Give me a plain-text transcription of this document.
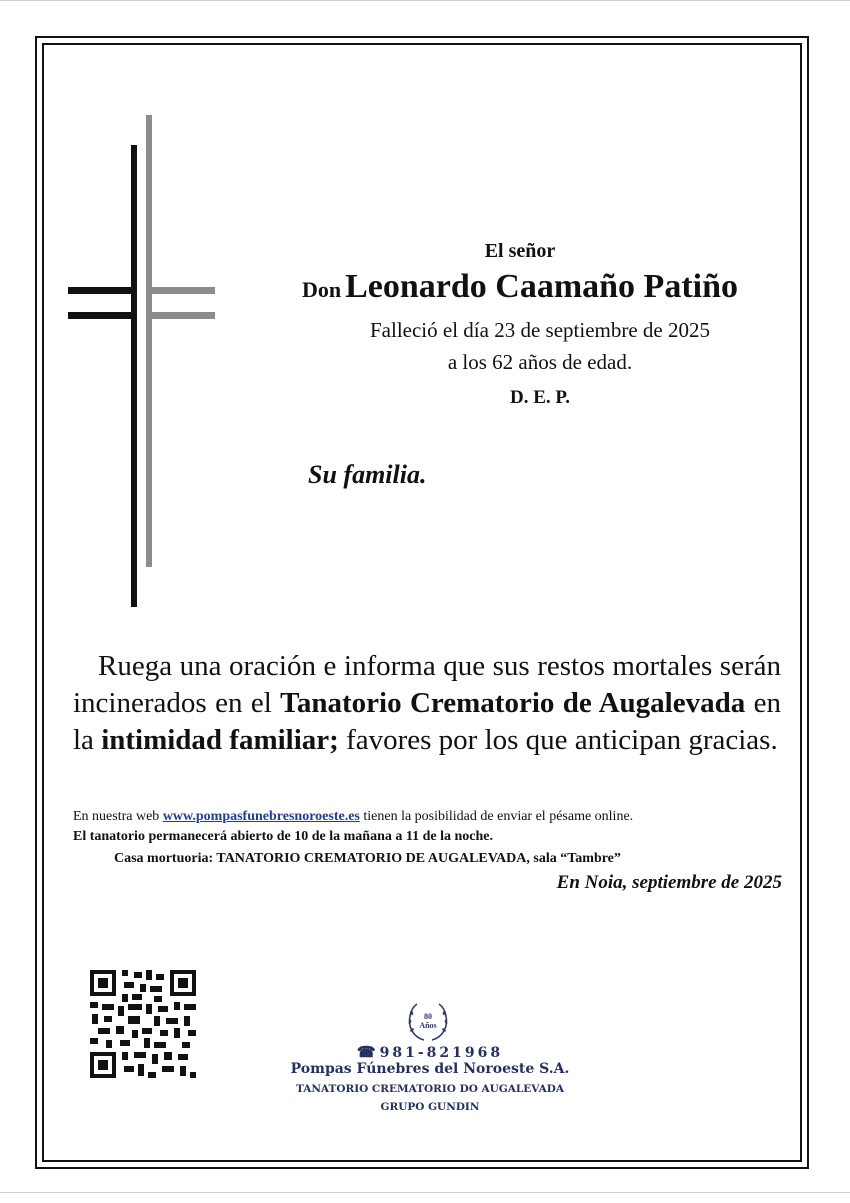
El señor
Don Leonardo Caamaño Patiño
Falleció el día 23 de septiembre de 2025
a los 62 años de edad.
D. E. P.
Su familia.
Ruega una oración e informa que sus restos mortales serán incinerados en el Tanatorio Crematorio de Augalevada en la intimidad familiar; favores por los que anticipan gracias.
En nuestra web www.pompasfunebresnoroeste.es tienen la posibilidad de enviar el pésame online.
El tanatorio permanecerá abierto de 10 de la mañana a 11 de la noche.
Casa mortuoria: TANATORIO CREMATORIO DE AUGALEVADA, sala “Tambre”
En Noia, septiembre de 2025
80
Años
☎ 981-821968
Pompas Fúnebres del Noroeste S.A.
TANATORIO CREMATORIO DO AUGALEVADA
GRUPO GUNDIN
